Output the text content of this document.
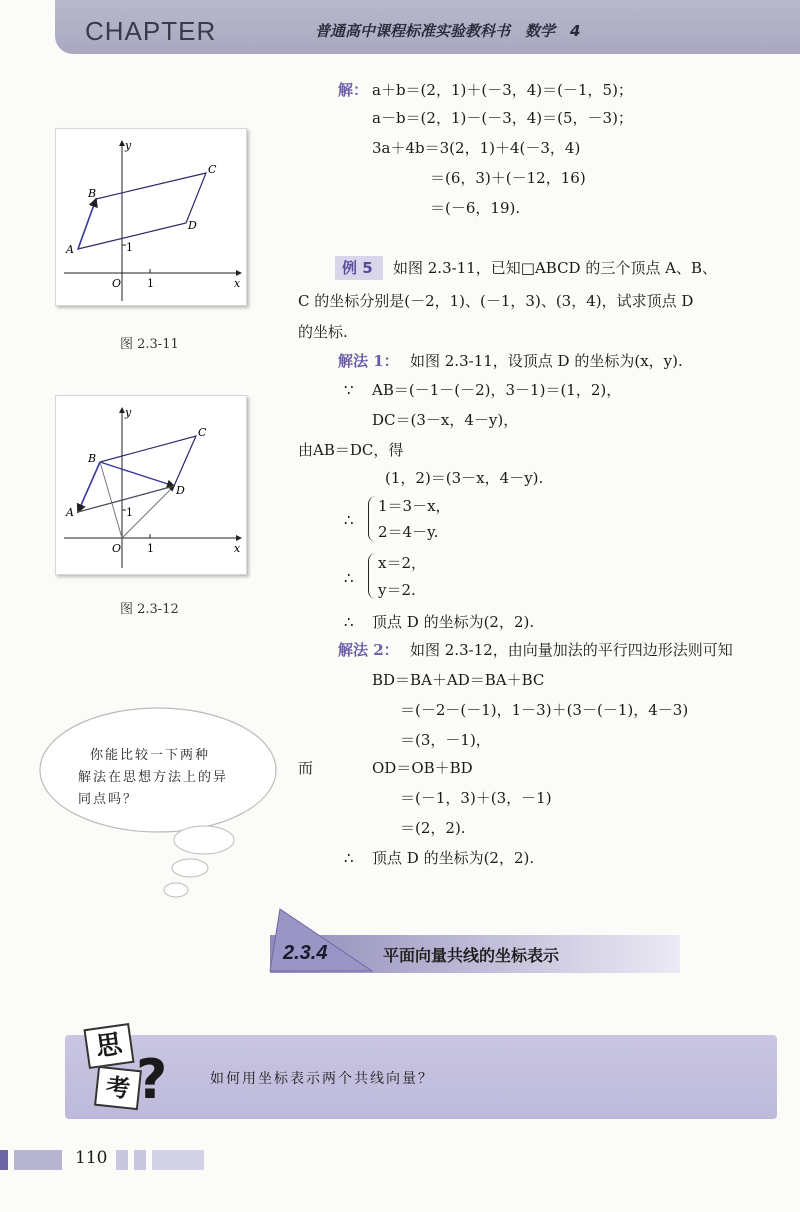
CHAPTER	普通高中课程标准实验教科书　数学　4
y
x
O 1
1
A
B
C
D
图 2.3-11
y
x
O 1
1
A
B
C
D
图 2.3-12
解： a＋b＝(2，1)＋(－3，4)＝(－1，5)；
a－b＝(2，1)－(－3，4)＝(5，－3)；
3a＋4b＝3(2，1)＋4(－3，4)
＝(6，3)＋(－12，16)
＝(－6，19).
例 5 如图 2.3-11，已知□ABCD 的三个顶点 A、B、
C 的坐标分别是(－2，1)、(－1，3)、(3，4)，试求顶点 D
的坐标.
解法 1： 如图 2.3-11，设顶点 D 的坐标为(x，y).
∵ AB＝(－1－(－2)，3－1)＝(1，2)，
DC＝(3－x，4－y)，
由AB＝DC，得
(1，2)＝(3－x，4－y).
∴
1＝3－x，
2＝4－y.
∴
x＝2，
y＝2.
∴ 顶点 D 的坐标为(2，2).
解法 2： 如图 2.3-12，由向量加法的平行四边形法则可知
BD＝BA＋AD＝BA＋BC
＝(－2－(－1)，1－3)＋(3－(－1)，4－3)
＝(3，－1)，
而	OD＝OB＋BD
＝(－1，3)＋(3，－1)
＝(2，2).
∴ 顶点 D 的坐标为(2，2).
你能比较一下两种
解法在思想方法上的异
同点吗？
2.3.4	平面向量共线的坐标表示
思
考 ?	如何用坐标表示两个共线向量？
110
